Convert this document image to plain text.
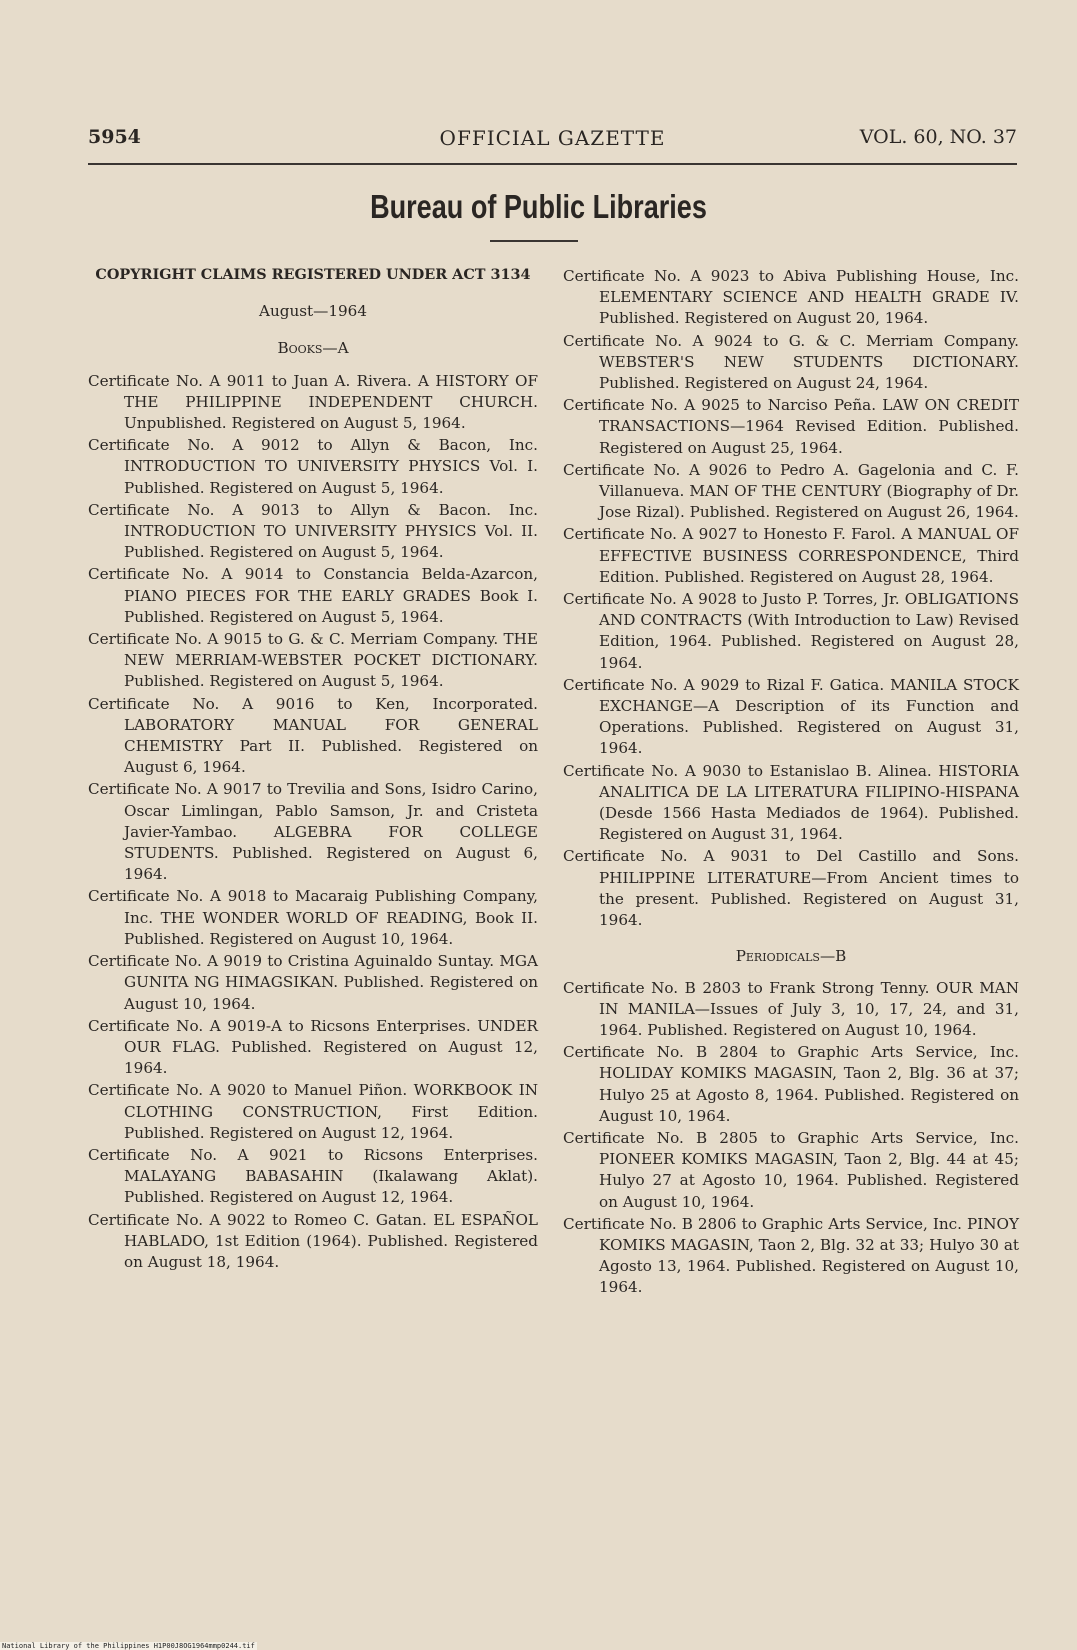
5954	OFFICIAL GAZETTE	VOL. 60, NO. 37
Bureau of Public Libraries

COPYRIGHT CLAIMS REGISTERED UNDER ACT 3134

August—1964
Books—A

Certificate No. A 9011 to Juan A. Rivera. A HISTORY OF THE PHILIPPINE INDEPENDENT CHURCH. Unpublished. Registered on August 5, 1964.

Certificate No. A 9012 to Allyn & Bacon, Inc. INTRODUCTION TO UNIVERSITY PHYSICS Vol. I. Published. Registered on August 5, 1964.

Certificate No. A 9013 to Allyn & Bacon. Inc. INTRODUCTION TO UNIVERSITY PHYSICS Vol. II. Published. Registered on August 5, 1964.

Certificate No. A 9014 to Constancia Belda-Azarcon, PIANO PIECES FOR THE EARLY GRADES Book I. Published. Registered on August 5, 1964.

Certificate No. A 9015 to G. & C. Merriam Company. THE NEW MERRIAM-WEBSTER POCKET DICTIONARY. Published. Registered on August 5, 1964.

Certificate No. A 9016 to Ken, Incorporated. LABORATORY MANUAL FOR GENERAL CHEMISTRY Part II. Published. Registered on August 6, 1964.

Certificate No. A 9017 to Trevilia and Sons, Isidro Carino, Oscar Limlingan, Pablo Samson, Jr. and Cristeta Javier-Yambao. ALGEBRA FOR COLLEGE STUDENTS. Published. Registered on August 6, 1964.

Certificate No. A 9018 to Macaraig Publishing Company, Inc. THE WONDER WORLD OF READING, Book II. Published. Registered on August 10, 1964.

Certificate No. A 9019 to Cristina Aguinaldo Suntay. MGA GUNITA NG HIMAGSIKAN. Published. Registered on August 10, 1964.

Certificate No. A 9019-A to Ricsons Enterprises. UNDER OUR FLAG. Published. Registered on August 12, 1964.

Certificate No. A 9020 to Manuel Piñon. WORKBOOK IN CLOTHING CONSTRUCTION, First Edition. Published. Registered on August 12, 1964.

Certificate No. A 9021 to Ricsons Enterprises. MALAYANG BABASAHIN (Ikalawang Aklat). Published. Registered on August 12, 1964.

Certificate No. A 9022 to Romeo C. Gatan. EL ESPAÑOL HABLADO, 1st Edition (1964). Published. Registered on August 18, 1964.

Certificate No. A 9023 to Abiva Publishing House, Inc. ELEMENTARY SCIENCE AND HEALTH GRADE IV. Published. Registered on August 20, 1964.

Certificate No. A 9024 to G. & C. Merriam Company. WEBSTER'S NEW STUDENTS DICTIONARY. Published. Registered on August 24, 1964.

Certificate No. A 9025 to Narciso Peña. LAW ON CREDIT TRANSACTIONS—1964 Revised Edition. Published. Registered on August 25, 1964.

Certificate No. A 9026 to Pedro A. Gagelonia and C. F. Villanueva. MAN OF THE CENTURY (Biography of Dr. Jose Rizal). Published. Registered on August 26, 1964.

Certificate No. A 9027 to Honesto F. Farol. A MANUAL OF EFFECTIVE BUSINESS CORRESPONDENCE, Third Edition. Published. Registered on August 28, 1964.

Certificate No. A 9028 to Justo P. Torres, Jr. OBLIGATIONS AND CONTRACTS (With Introduction to Law) Revised Edition, 1964. Published. Registered on August 28, 1964.

Certificate No. A 9029 to Rizal F. Gatica. MANILA STOCK EXCHANGE—A Description of its Function and Operations. Published. Registered on August 31, 1964.

Certificate No. A 9030 to Estanislao B. Alinea. HISTORIA ANALITICA DE LA LITERATURA FILIPINO-HISPANA (Desde 1566 Hasta Mediados de 1964). Published. Registered on August 31, 1964.

Certificate No. A 9031 to Del Castillo and Sons. PHILIPPINE LITERATURE—From Ancient times to the present. Published. Registered on August 31, 1964.

Periodicals—B

Certificate No. B 2803 to Frank Strong Tenny. OUR MAN IN MANILA—Issues of July 3, 10, 17, 24, and 31, 1964. Published. Registered on August 10, 1964.

Certificate No. B 2804 to Graphic Arts Service, Inc. HOLIDAY KOMIKS MAGASIN, Taon 2, Blg. 36 at 37; Hulyo 25 at Agosto 8, 1964. Published. Registered on August 10, 1964.

Certificate No. B 2805 to Graphic Arts Service, Inc. PIONEER KOMIKS MAGASIN, Taon 2, Blg. 44 at 45; Hulyo 27 at Agosto 10, 1964. Published. Registered on August 10, 1964.

Certificate No. B 2806 to Graphic Arts Service, Inc. PINOY KOMIKS MAGASIN, Taon 2, Blg. 32 at 33; Hulyo 30 at Agosto 13, 1964. Published. Registered on August 10, 1964.

National Library of the Philippines H1P00J8OG1964mmp0244.tif
